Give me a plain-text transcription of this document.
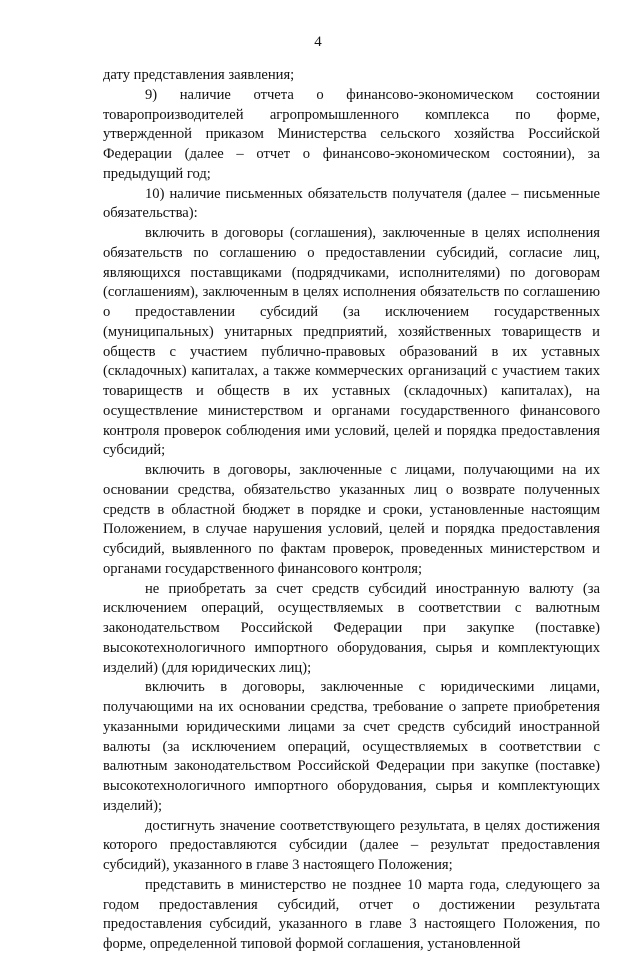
4

дату представления заявления;

9) наличие отчета о финансово-экономическом состоянии товаропроизводителей агропромышленного комплекса по форме, утвержденной приказом Министерства сельского хозяйства Российской Федерации (далее – отчет о финансово-экономическом состоянии), за предыдущий год;

10) наличие письменных обязательств получателя (далее – письменные обязательства):

включить в договоры (соглашения), заключенные в целях исполнения обязательств по соглашению о предоставлении субсидий, согласие лиц, являющихся поставщиками (подрядчиками, исполнителями) по договорам (соглашениям), заключенным в целях исполнения обязательств по соглашению о предоставлении субсидий (за исключением государственных (муниципальных) унитарных предприятий, хозяйственных товариществ и обществ с участием публично-правовых образований в их уставных (складочных) капиталах, а также коммерческих организаций с участием таких товариществ и обществ в их уставных (складочных) капиталах), на осуществление министерством и органами государственного финансового контроля проверок соблюдения ими условий, целей и порядка предоставления субсидий;

включить в договоры, заключенные с лицами, получающими на их основании средства, обязательство указанных лиц о возврате полученных средств в областной бюджет в порядке и сроки, установленные настоящим Положением, в случае нарушения условий, целей и порядка предоставления субсидий, выявленного по фактам проверок, проведенных министерством и органами государственного финансового контроля;

не приобретать за счет средств субсидий иностранную валюту (за исключением операций, осуществляемых в соответствии с валютным законодательством Российской Федерации при закупке (поставке) высокотехнологичного импортного оборудования, сырья и комплектующих изделий) (для юридических лиц);

включить в договоры, заключенные с юридическими лицами, получающими на их основании средства, требование о запрете приобретения указанными юридическими лицами за счет средств субсидий иностранной валюты (за исключением операций, осуществляемых в соответствии с валютным законодательством Российской Федерации при закупке (поставке) высокотехнологичного импортного оборудования, сырья и комплектующих изделий);

достигнуть значение соответствующего результата, в целях достижения которого предоставляются субсидии (далее – результат предоставления субсидий), указанного в главе 3 настоящего Положения;

представить в министерство не позднее 10 марта года, следующего за годом предоставления субсидий, отчет о достижении результата предоставления субсидий, указанного в главе 3 настоящего Положения, по форме, определенной типовой формой соглашения, установленной
